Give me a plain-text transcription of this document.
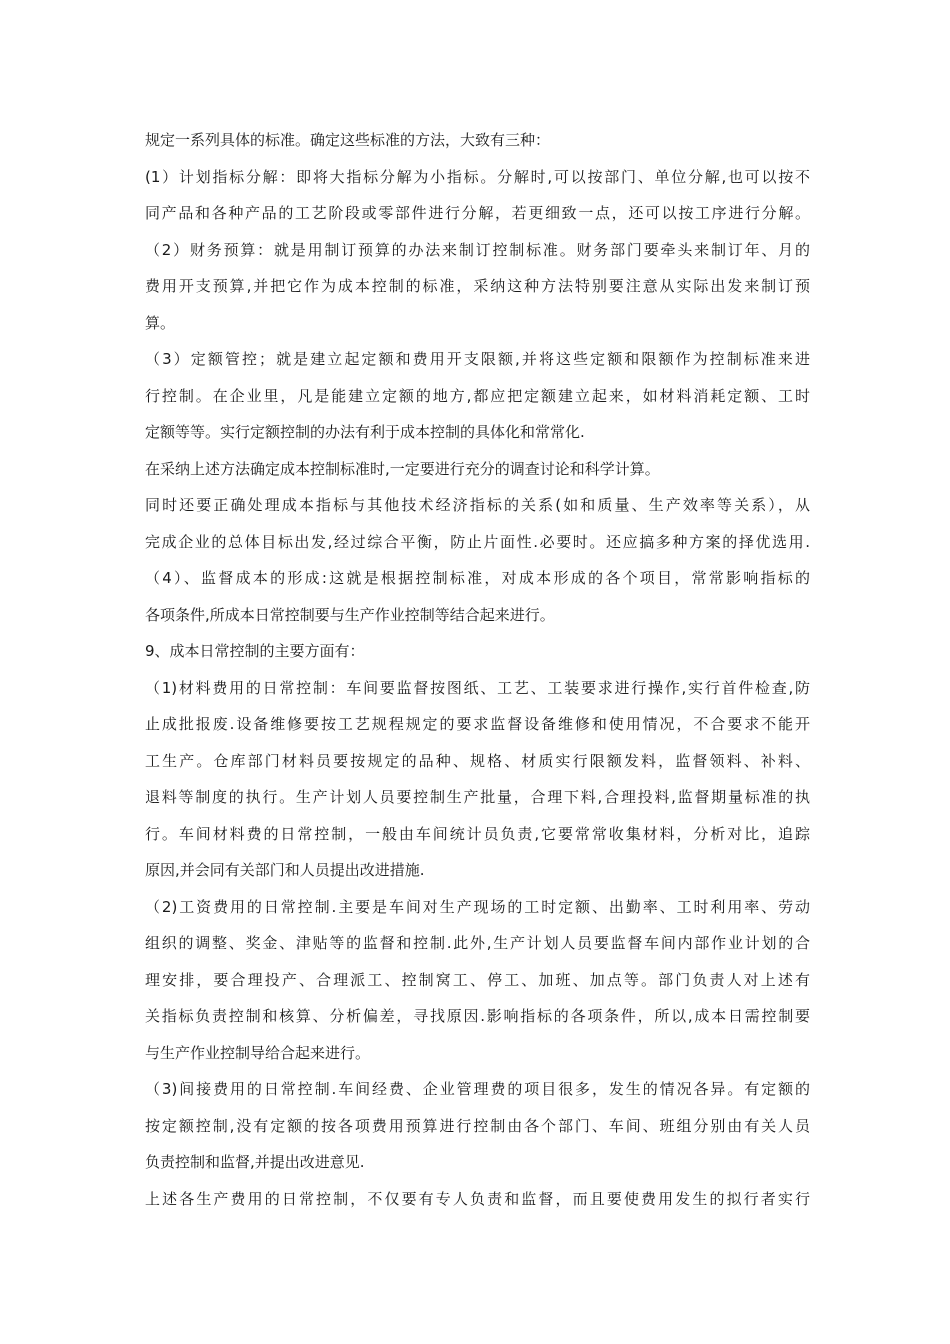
规定一系列具体的标准。确定这些标准的方法，大致有三种：
(1）计划指标分解：即将大指标分解为小指标。分解时,可以按部门、单位分解,也可以按不
同产品和各种产品的工艺阶段或零部件进行分解，若更细致一点，还可以按工序进行分解。
（2）财务预算：就是用制订预算的办法来制订控制标准。财务部门要牵头来制订年、月的
费用开支预算,并把它作为成本控制的标准，采纳这种方法特别要注意从实际出发来制订预
算。
（3）定额管控；就是建立起定额和费用开支限额,并将这些定额和限额作为控制标准来进
行控制。在企业里，凡是能建立定额的地方,都应把定额建立起来，如材料消耗定额、工时
定额等等。实行定额控制的办法有利于成本控制的具体化和常常化.
在采纳上述方法确定成本控制标准时,一定要进行充分的调查讨论和科学计算。
同时还要正确处理成本指标与其他技术经济指标的关系(如和质量、生产效率等关系），从
完成企业的总体目标出发,经过综合平衡，防止片面性.必要时。还应搞多种方案的择优选用.
（4）、监督成本的形成:这就是根据控制标准，对成本形成的各个项目，常常影响指标的
各项条件,所成本日常控制要与生产作业控制等结合起来进行。
9、成本日常控制的主要方面有：
（1)材料费用的日常控制：车间要监督按图纸、工艺、工装要求进行操作,实行首件检查,防
止成批报废.设备维修要按工艺规程规定的要求监督设备维修和使用情况，不合要求不能开
工生产。仓库部门材料员要按规定的品种、规格、材质实行限额发料，监督领料、补料、
退料等制度的执行。生产计划人员要控制生产批量，合理下料,合理投料,监督期量标准的执
行。车间材料费的日常控制，一般由车间统计员负责,它要常常收集材料，分析对比，追踪
原因,并会同有关部门和人员提出改进措施.
（2)工资费用的日常控制.主要是车间对生产现场的工时定额、出勤率、工时利用率、劳动
组织的调整、奖金、津贴等的监督和控制.此外,生产计划人员要监督车间内部作业计划的合
理安排，要合理投产、合理派工、控制窝工、停工、加班、加点等。部门负责人对上述有
关指标负责控制和核算、分析偏差，寻找原因.影响指标的各项条件，所以,成本日需控制要
与生产作业控制导给合起来进行。
（3)间接费用的日常控制.车间经费、企业管理费的项目很多，发生的情况各异。有定额的
按定额控制,没有定额的按各项费用预算进行控制由各个部门、车间、班组分别由有关人员
负责控制和监督,并提出改进意见.
上述各生产费用的日常控制，不仅要有专人负责和监督，而且要使费用发生的拟行者实行
